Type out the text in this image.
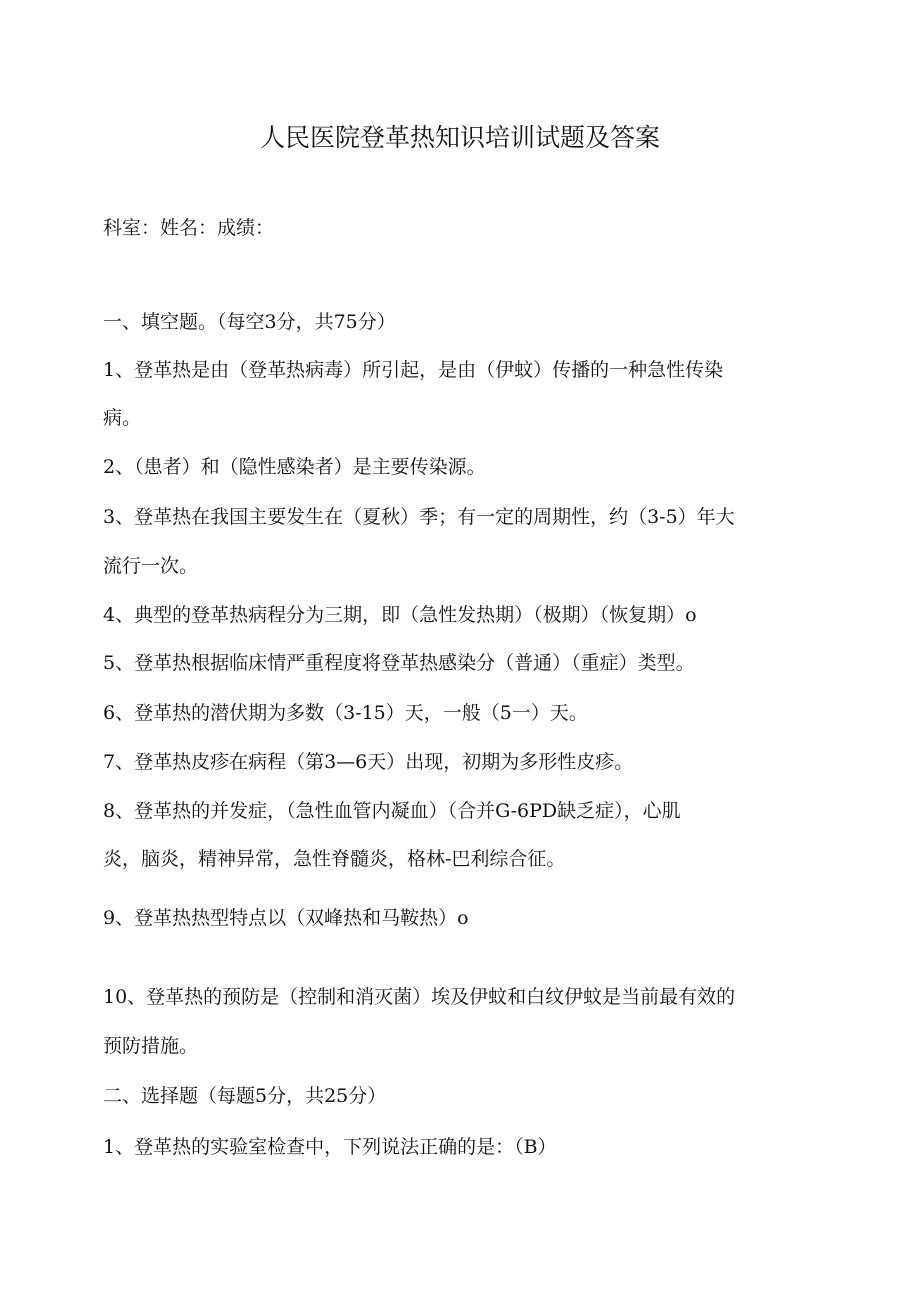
人民医院登革热知识培训试题及答案
科室：姓名：成绩：
一、填空题。（每空3分，共75分）
1、登革热是由（登革热病毒）所引起，是由（伊蚊）传播的一种急性传染
病。
2、（患者）和（隐性感染者）是主要传染源。
3、登革热在我国主要发生在（夏秋）季；有一定的周期性，约（3-5）年大
流行一次。
4、典型的登革热病程分为三期，即（急性发热期）（极期）（恢复期）o
5、登革热根据临床情严重程度将登革热感染分（普通）（重症）类型。
6、登革热的潜伏期为多数（3-15）天，一般（5一）天。
7、登革热皮疹在病程（第3—6天）出现，初期为多形性皮疹。
8、登革热的并发症，（急性血管内凝血）（合并G-6PD缺乏症），心肌
炎，脑炎，精神异常，急性脊髓炎，格林-巴利综合征。
9、登革热热型特点以（双峰热和马鞍热）o
10、登革热的预防是（控制和消灭菌）埃及伊蚊和白纹伊蚊是当前最有效的
预防措施。
二、选择题（每题5分，共25分）
1、登革热的实验室检查中，下列说法正确的是：（B）
